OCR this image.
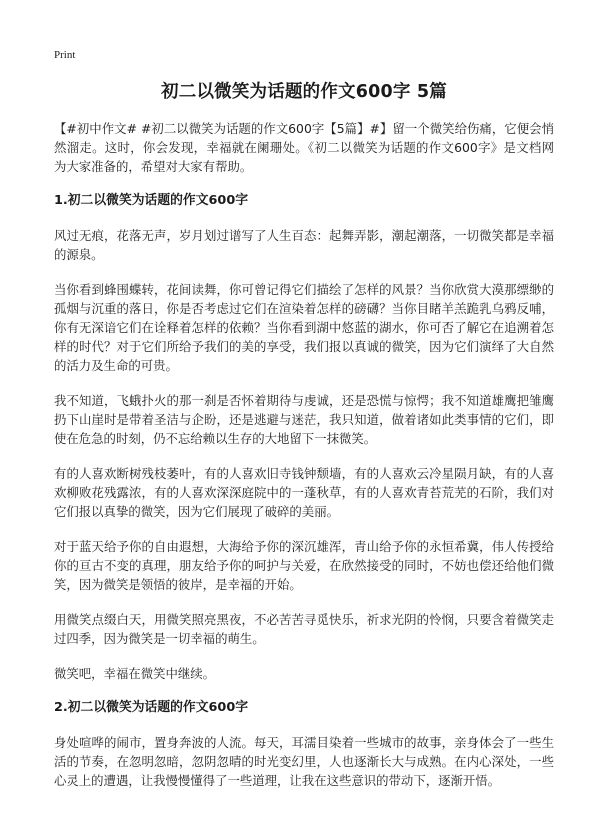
Print

初二以微笑为话题的作文600字 5篇

【#初中作文# #初二以微笑为话题的作文600字【5篇】#】留一个微笑给伤痛，它便会悄然溜走。这时，你会发现，幸福就在阑珊处。《初二以微笑为话题的作文600字》是文档网为大家准备的，希望对大家有帮助。

1.初二以微笑为话题的作文600字

风过无痕，花落无声，岁月划过谱写了人生百态：起舞弄影，潮起潮落，一切微笑都是幸福的源泉。

当你看到蜂围蝶转，花间读舞，你可曾记得它们描绘了怎样的风景？当你欣赏大漠那缥缈的孤烟与沉重的落日，你是否考虑过它们在渲染着怎样的磅礴？当你目睹羊羔跪乳乌鸦反哺，你有无深谙它们在诠释着怎样的依赖？当你看到湖中悠蓝的湖水，你可否了解它在追溯着怎样的时代？对于它们所给予我们的美的享受，我们报以真诚的微笑，因为它们演绎了大自然的活力及生命的可贵。

我不知道，飞蛾扑火的那一刹是否怀着期待与虔诚，还是恐慌与惊愕；我不知道雄鹰把雏鹰扔下山崖时是带着圣洁与企盼，还是逃避与迷茫，我只知道，做着诸如此类事情的它们，即使在危急的时刻，仍不忘给赖以生存的大地留下一抹微笑。

有的人喜欢断树残枝萎叶，有的人喜欢旧寺钱钟颓墙，有的人喜欢云冷星陨月缺，有的人喜欢柳败花残露浓，有的人喜欢深深庭院中的一蓬秋草，有的人喜欢青苔荒芜的石阶，我们对它们报以真挚的微笑，因为它们展现了破碎的美丽。

对于蓝天给予你的自由遐想，大海给予你的深沉雄浑，青山给予你的永恒希冀，伟人传授给你的亘古不变的真理，朋友给予你的呵护与关爱，在欣然接受的同时，不妨也偿还给他们微笑，因为微笑是领悟的彼岸，是幸福的开始。

用微笑点缀白天，用微笑照亮黑夜，不必苦苦寻觅快乐，祈求光阴的怜悯，只要含着微笑走过四季，因为微笑是一切幸福的萌生。

微笑吧，幸福在微笑中继续。

2.初二以微笑为话题的作文600字

身处喧哗的闹市，置身奔波的人流。每天，耳濡目染着一些城市的故事，亲身体会了一些生活的节奏，在忽明忽暗，忽阴忽晴的时光变幻里，人也逐渐长大与成熟。在内心深处，一些心灵上的遭遇，让我慢慢懂得了一些道理，让我在这些意识的带动下，逐渐开悟。
